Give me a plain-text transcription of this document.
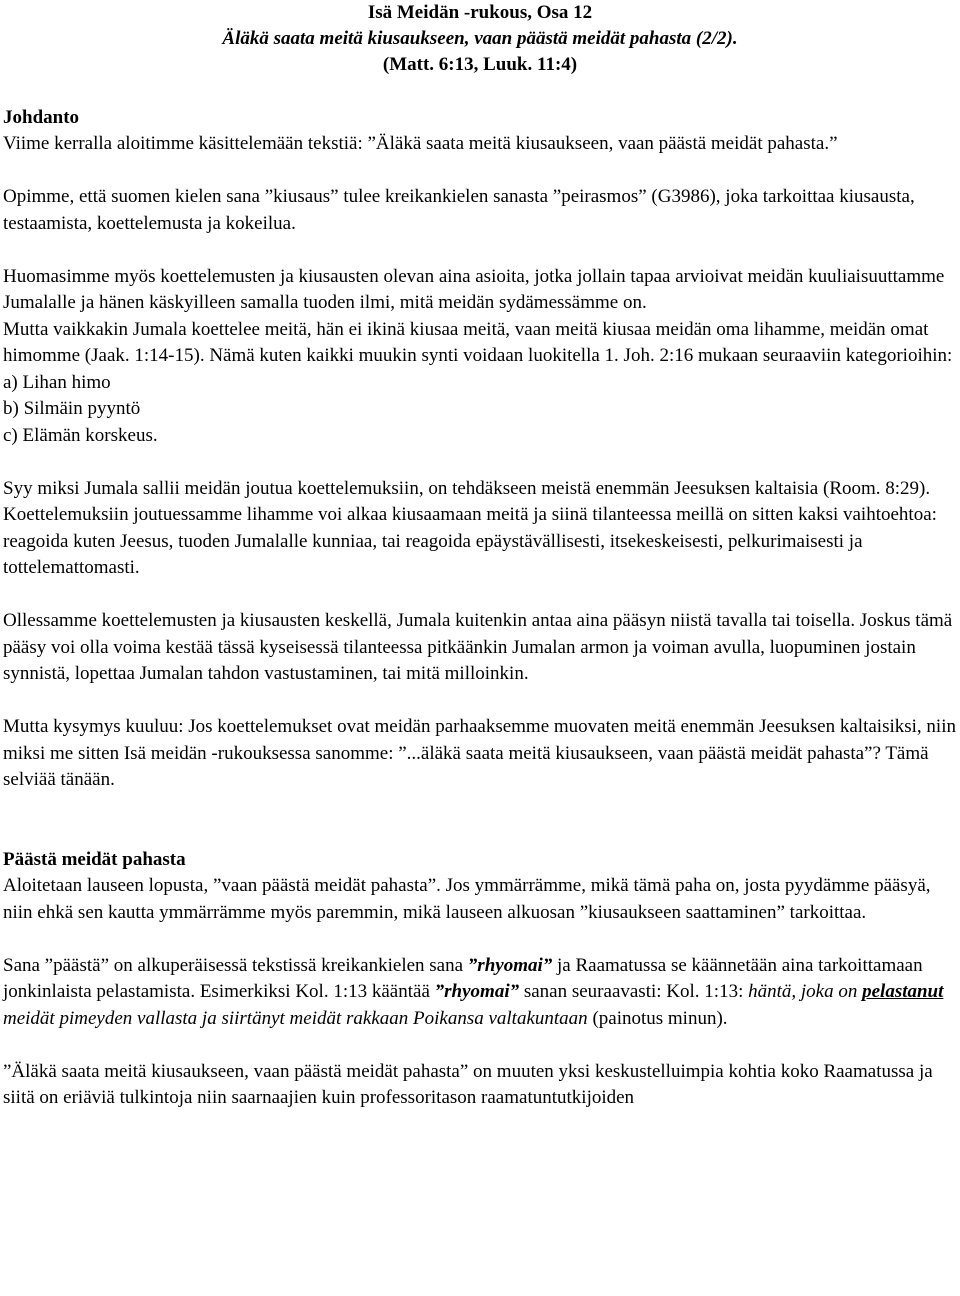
Isä Meidän -rukous, Osa 12
Äläkä saata meitä kiusaukseen, vaan päästä meidät pahasta (2/2).
(Matt. 6:13, Luuk. 11:4)
Johdanto

Viime kerralla aloitimme käsittelemään tekstiä: ”Äläkä saata meitä kiusaukseen, vaan päästä meidät pahasta.”

Opimme, että suomen kielen sana ”kiusaus” tulee kreikankielen sanasta ”peirasmos” (G3986), joka tarkoittaa kiusausta, testaamista, koettelemusta ja kokeilua.

Huomasimme myös koettelemusten ja kiusausten olevan aina asioita, jotka jollain tapaa arvioivat meidän kuuliaisuuttamme Jumalalle ja hänen käskyilleen samalla tuoden ilmi, mitä meidän sydämessämme on.

Mutta vaikkakin Jumala koettelee meitä, hän ei ikinä kiusaa meitä, vaan meitä kiusaa meidän oma lihamme, meidän omat himomme (Jaak. 1:14-15). Nämä kuten kaikki muukin synti voidaan luokitella 1. Joh. 2:16 mukaan seuraaviin kategorioihin:

a) Lihan himo
b) Silmäin pyyntö
c) Elämän korskeus.

Syy miksi Jumala sallii meidän joutua koettelemuksiin, on tehdäkseen meistä enemmän Jeesuksen kaltaisia (Room. 8:29). Koettelemuksiin joutuessamme lihamme voi alkaa kiusaamaan meitä ja siinä tilanteessa meillä on sitten kaksi vaihtoehtoa: reagoida kuten Jeesus, tuoden Jumalalle kunniaa, tai reagoida epäystävällisesti, itsekeskeisesti, pelkurimaisesti ja tottelemattomasti.

Ollessamme koettelemusten ja kiusausten keskellä, Jumala kuitenkin antaa aina pääsyn niistä tavalla tai toisella. Joskus tämä pääsy voi olla voima kestää tässä kyseisessä tilanteessa pitkäänkin Jumalan armon ja voiman avulla, luopuminen jostain synnistä, lopettaa Jumalan tahdon vastustaminen, tai mitä milloinkin.

Mutta kysymys kuuluu: Jos koettelemukset ovat meidän parhaaksemme muovaten meitä enemmän Jeesuksen kaltaisiksi, niin miksi me sitten Isä meidän -rukouksessa sanomme: ”...äläkä saata meitä kiusaukseen, vaan päästä meidät pahasta”? Tämä selviää tänään.

Päästä meidät pahasta

Aloitetaan lauseen lopusta, ”vaan päästä meidät pahasta”. Jos ymmärrämme, mikä tämä paha on, josta pyydämme pääsyä, niin ehkä sen kautta ymmärrämme myös paremmin, mikä lauseen alkuosan ”kiusaukseen saattaminen” tarkoittaa.

Sana ”päästä” on alkuperäisessä tekstissä kreikankielen sana ”rhyomai” ja Raamatussa se käännetään aina tarkoittamaan jonkinlaista pelastamista. Esimerkiksi Kol. 1:13 kääntää ”rhyomai” sanan seuraavasti: Kol. 1:13: häntä, joka on pelastanut meidät pimeyden vallasta ja siirtänyt meidät rakkaan Poikansa valtakuntaan (painotus minun).

”Äläkä saata meitä kiusaukseen, vaan päästä meidät pahasta” on muuten yksi keskustelluimpia kohtia koko Raamatussa ja siitä on eriäviä tulkintoja niin saarnaajien kuin professoritason raamatuntutkijoiden
